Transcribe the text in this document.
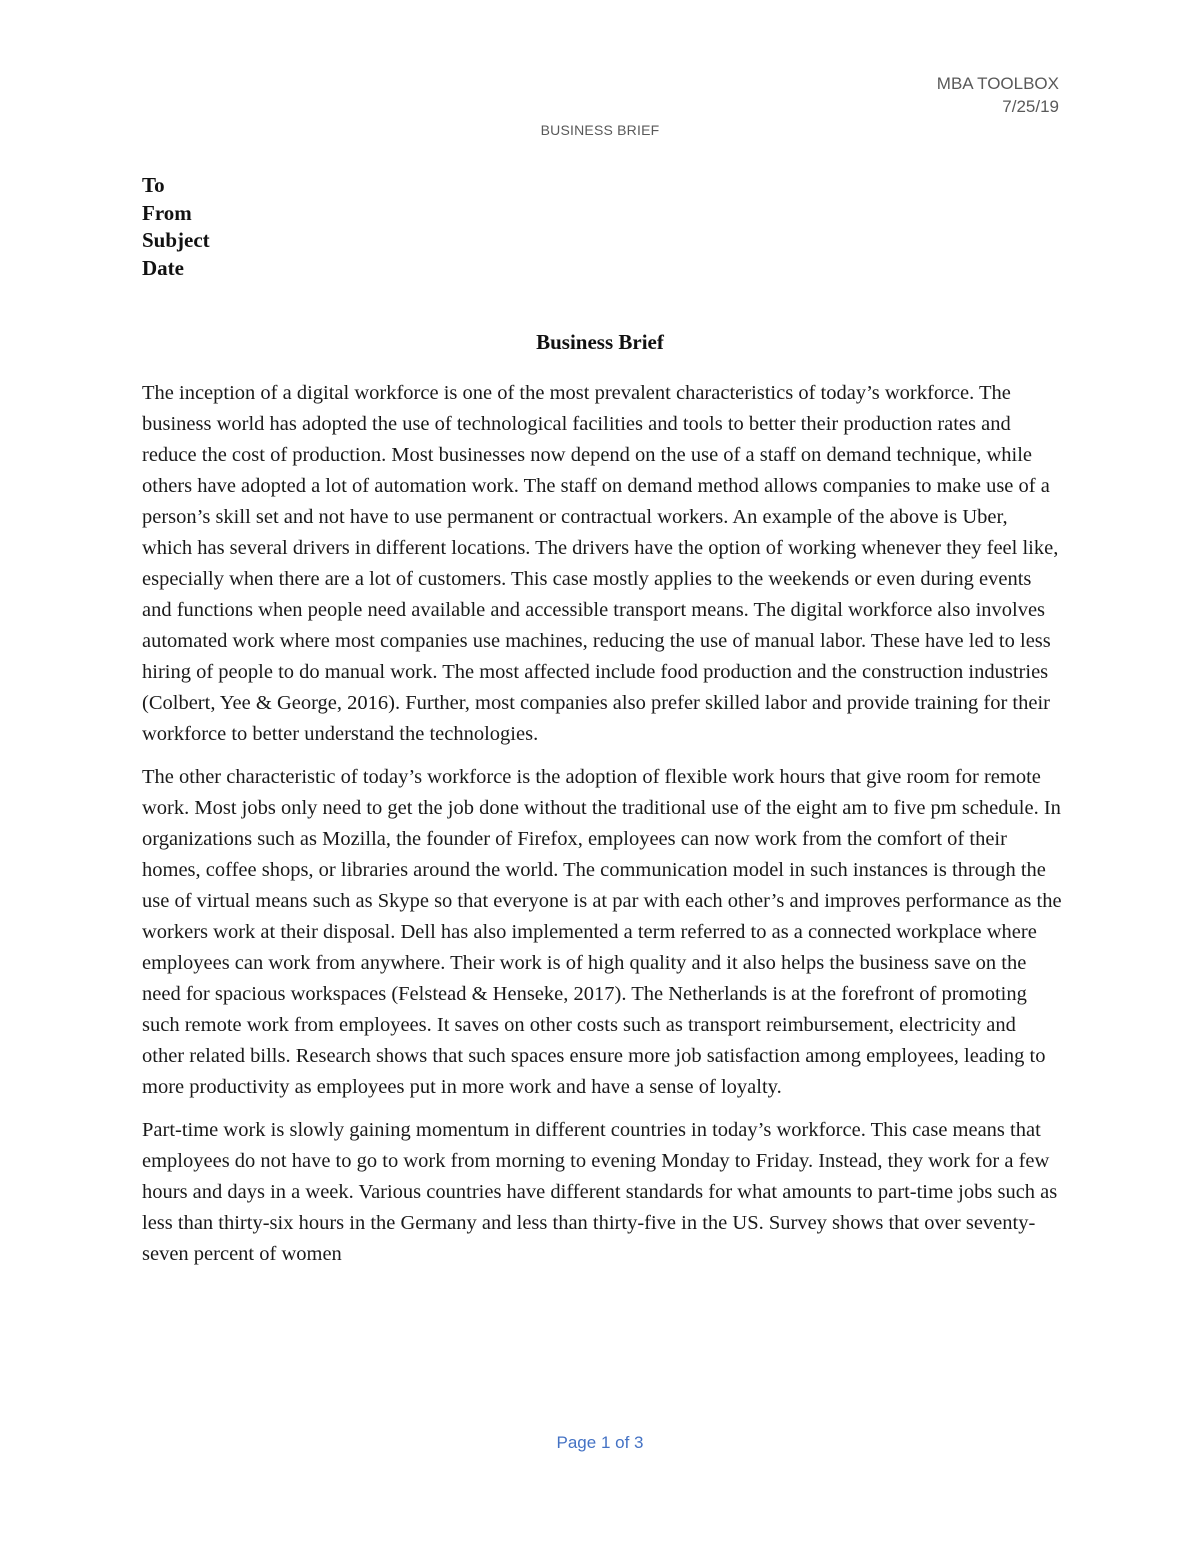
MBA TOOLBOX
7/25/19
BUSINESS BRIEF
To
From
Subject
Date
Business Brief

The inception of a digital workforce is one of the most prevalent characteristics of today’s workforce. The business world has adopted the use of technological facilities and tools to better their production rates and reduce the cost of production. Most businesses now depend on the use of a staff on demand technique, while others have adopted a lot of automation work. The staff on demand method allows companies to make use of a person’s skill set and not have to use permanent or contractual workers. An example of the above is Uber, which has several drivers in different locations. The drivers have the option of working whenever they feel like, especially when there are a lot of customers. This case mostly applies to the weekends or even during events and functions when people need available and accessible transport means. The digital workforce also involves automated work where most companies use machines, reducing the use of manual labor. These have led to less hiring of people to do manual work. The most affected include food production and the construction industries (Colbert, Yee & George, 2016). Further, most companies also prefer skilled labor and provide training for their workforce to better understand the technologies.

The other characteristic of today’s workforce is the adoption of flexible work hours that give room for remote work. Most jobs only need to get the job done without the traditional use of the eight am to five pm schedule. In organizations such as Mozilla, the founder of Firefox, employees can now work from the comfort of their homes, coffee shops, or libraries around the world. The communication model in such instances is through the use of virtual means such as Skype so that everyone is at par with each other’s and improves performance as the workers work at their disposal. Dell has also implemented a term referred to as a connected workplace where employees can work from anywhere. Their work is of high quality and it also helps the business save on the need for spacious workspaces (Felstead & Henseke, 2017). The Netherlands is at the forefront of promoting such remote work from employees. It saves on other costs such as transport reimbursement, electricity and other related bills. Research shows that such spaces ensure more job satisfaction among employees, leading to more productivity as employees put in more work and have a sense of loyalty.

Part-time work is slowly gaining momentum in different countries in today’s workforce. This case means that employees do not have to go to work from morning to evening Monday to Friday. Instead, they work for a few hours and days in a week. Various countries have different standards for what amounts to part-time jobs such as less than thirty-six hours in the Germany and less than thirty-five in the US. Survey shows that over seventy-seven percent of women

Page 1 of 3
